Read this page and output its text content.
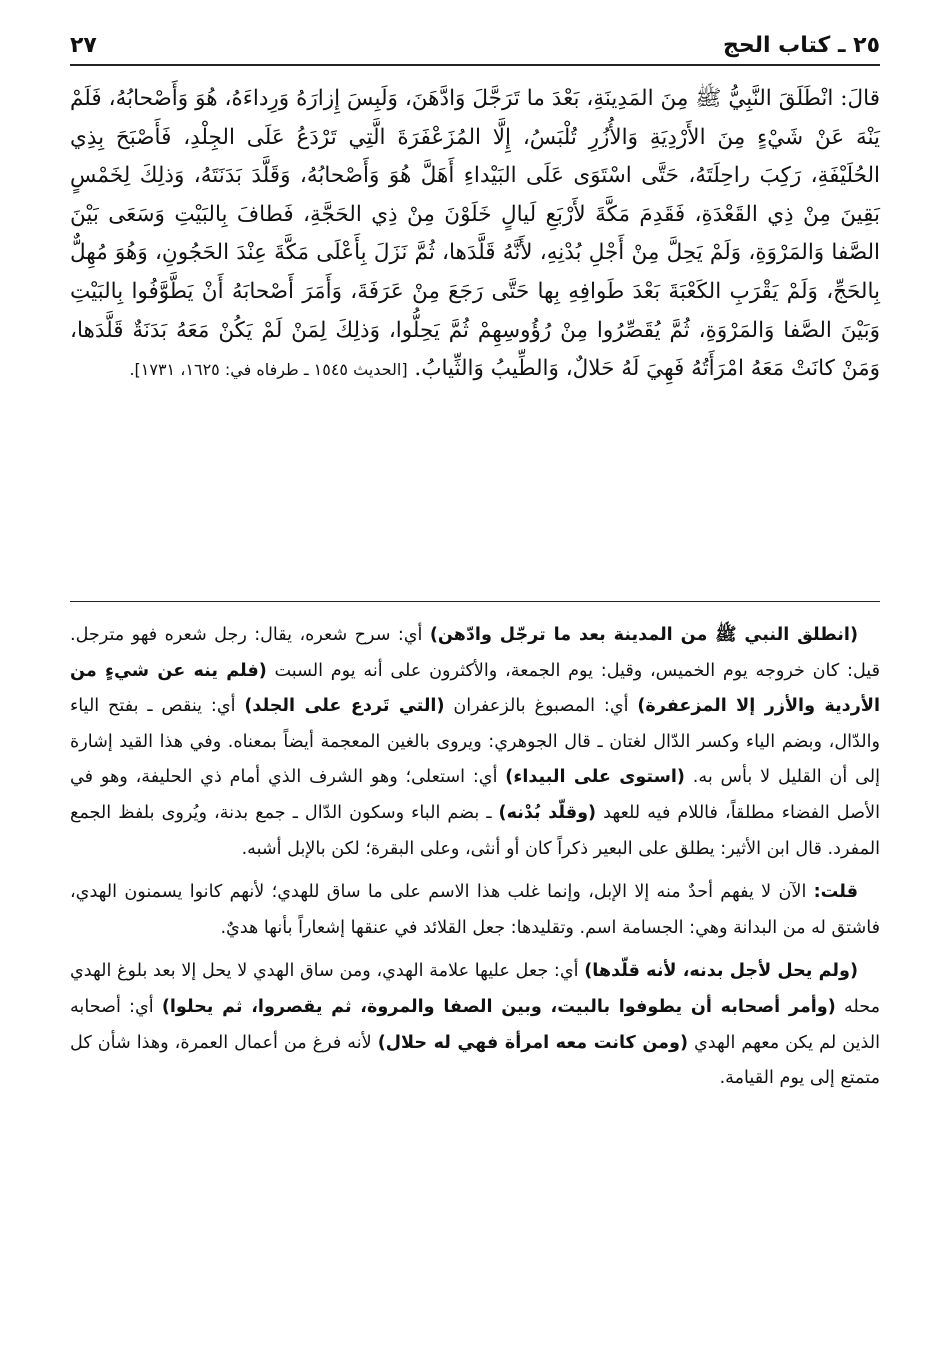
٢٥ ـ كتاب الحج
٢٧
قالَ: انْطَلَقَ النَّبِيُّ ﷺ مِنَ المَدِينَةِ، بَعْدَ ما تَرَجَّلَ وَادَّهَنَ، وَلَبِسَ إِزارَهُ وَرِداءَهُ، هُوَ وَأَصْحابُهُ، فَلَمْ يَنْهَ عَنْ شَيْءٍ مِنَ الأَرْدِيَةِ وَالأُزُرِ تُلْبَسُ، إِلَّا المُزَعْفَرَةَ الَّتِي تَرْدَعُ عَلَى الجِلْدِ، فَأَصْبَحَ بِذِي الحُلَيْفَةِ، رَكِبَ راحِلَتَهُ، حَتَّى اسْتَوَى عَلَى البَيْداءِ أَهَلَّ هُوَ وَأَصْحابُهُ، وَقَلَّدَ بَدَنَتَهُ، وَذلِكَ لِخَمْسٍ بَقِينَ مِنْ ذِي القَعْدَةِ، فَقَدِمَ مَكَّةَ لأَرْبَعِ لَيالٍ خَلَوْنَ مِنْ ذِي الحَجَّةِ، فَطافَ بِالبَيْتِ وَسَعَى بَيْنَ الصَّفا وَالمَرْوَةِ، وَلَمْ يَحِلَّ مِنْ أَجْلِ بُدْنِهِ، لأَنَّهُ قَلَّدَها، ثُمَّ نَزَلَ بِأَعْلَى مَكَّةَ عِنْدَ الحَجُونِ، وَهُوَ مُهِلٌّ بِالحَجِّ، وَلَمْ يَقْرَبِ الكَعْبَةَ بَعْدَ طَوافِهِ بِها حَتَّى رَجَعَ مِنْ عَرَفَةَ، وَأَمَرَ أَصْحابَهُ أَنْ يَطَّوَّفُوا بِالبَيْتِ وَبَيْنَ الصَّفا وَالمَرْوَةِ، ثُمَّ يُقَصِّرُوا مِنْ رُؤُوسِهِمْ ثُمَّ يَحِلُّوا، وَذلِكَ لِمَنْ لَمْ يَكُنْ مَعَهُ بَدَنَةٌ قَلَّدَها، وَمَنْ كانَتْ مَعَهُ امْرَأَتُهُ فَهِيَ لَهُ حَلالٌ، وَالطِّيبُ وَالثِّيابُ. [الحديث ١٥٤٥ ـ طرفاه في: ١٦٢٥، ١٧٣١].

(انطلق النبي ﷺ من المدينة بعد ما ترجّل وادّهن) أي: سرح شعره، يقال: رجل شعره فهو مترجل. قيل: كان خروجه يوم الخميس، وقيل: يوم الجمعة، والأكثرون على أنه يوم السبت (فلم ينه عن شيءٍ من الأردية والأزر إلا المزعفرة) أي: المصبوغ بالزعفران (التي تَردع على الجلد) أي: ينقص ـ بفتح الياء والدّال، وبضم الياء وكسر الدّال لغتان ـ قال الجوهري: ويروى بالغين المعجمة أيضاً بمعناه. وفي هذا القيد إشارة إلى أن القليل لا بأس به. (استوى على البيداء) أي: استعلى؛ وهو الشرف الذي أمام ذي الحليفة، وهو في الأصل الفضاء مطلقاً، فاللام فيه للعهد (وقلّد بُدْنه) ـ بضم الباء وسكون الدّال ـ جمع بدنة، ويُروى بلفظ الجمع المفرد. قال ابن الأثير: يطلق على البعير ذكراً كان أو أنثى، وعلى البقرة؛ لكن بالإبل أشبه.

قلت: الآن لا يفهم أحدٌ منه إلا الإبل، وإنما غلب هذا الاسم على ما ساق للهدي؛ لأنهم كانوا يسمنون الهدي، فاشتق له من البدانة وهي: الجسامة اسم. وتقليدها: جعل القلائد في عنقها إشعاراً بأنها هديٌ.

(ولم يحل لأجل بدنه، لأنه قلّدها) أي: جعل عليها علامة الهدي، ومن ساق الهدي لا يحل إلا بعد بلوغ الهدي محله (وأمر أصحابه أن يطوفوا بالبيت، وبين الصفا والمروة، ثم يقصروا، ثم يحلوا) أي: أصحابه الذين لم يكن معهم الهدي (ومن كانت معه امرأة فهي له حلال) لأنه فرغ من أعمال العمرة، وهذا شأن كل متمتع إلى يوم القيامة.
